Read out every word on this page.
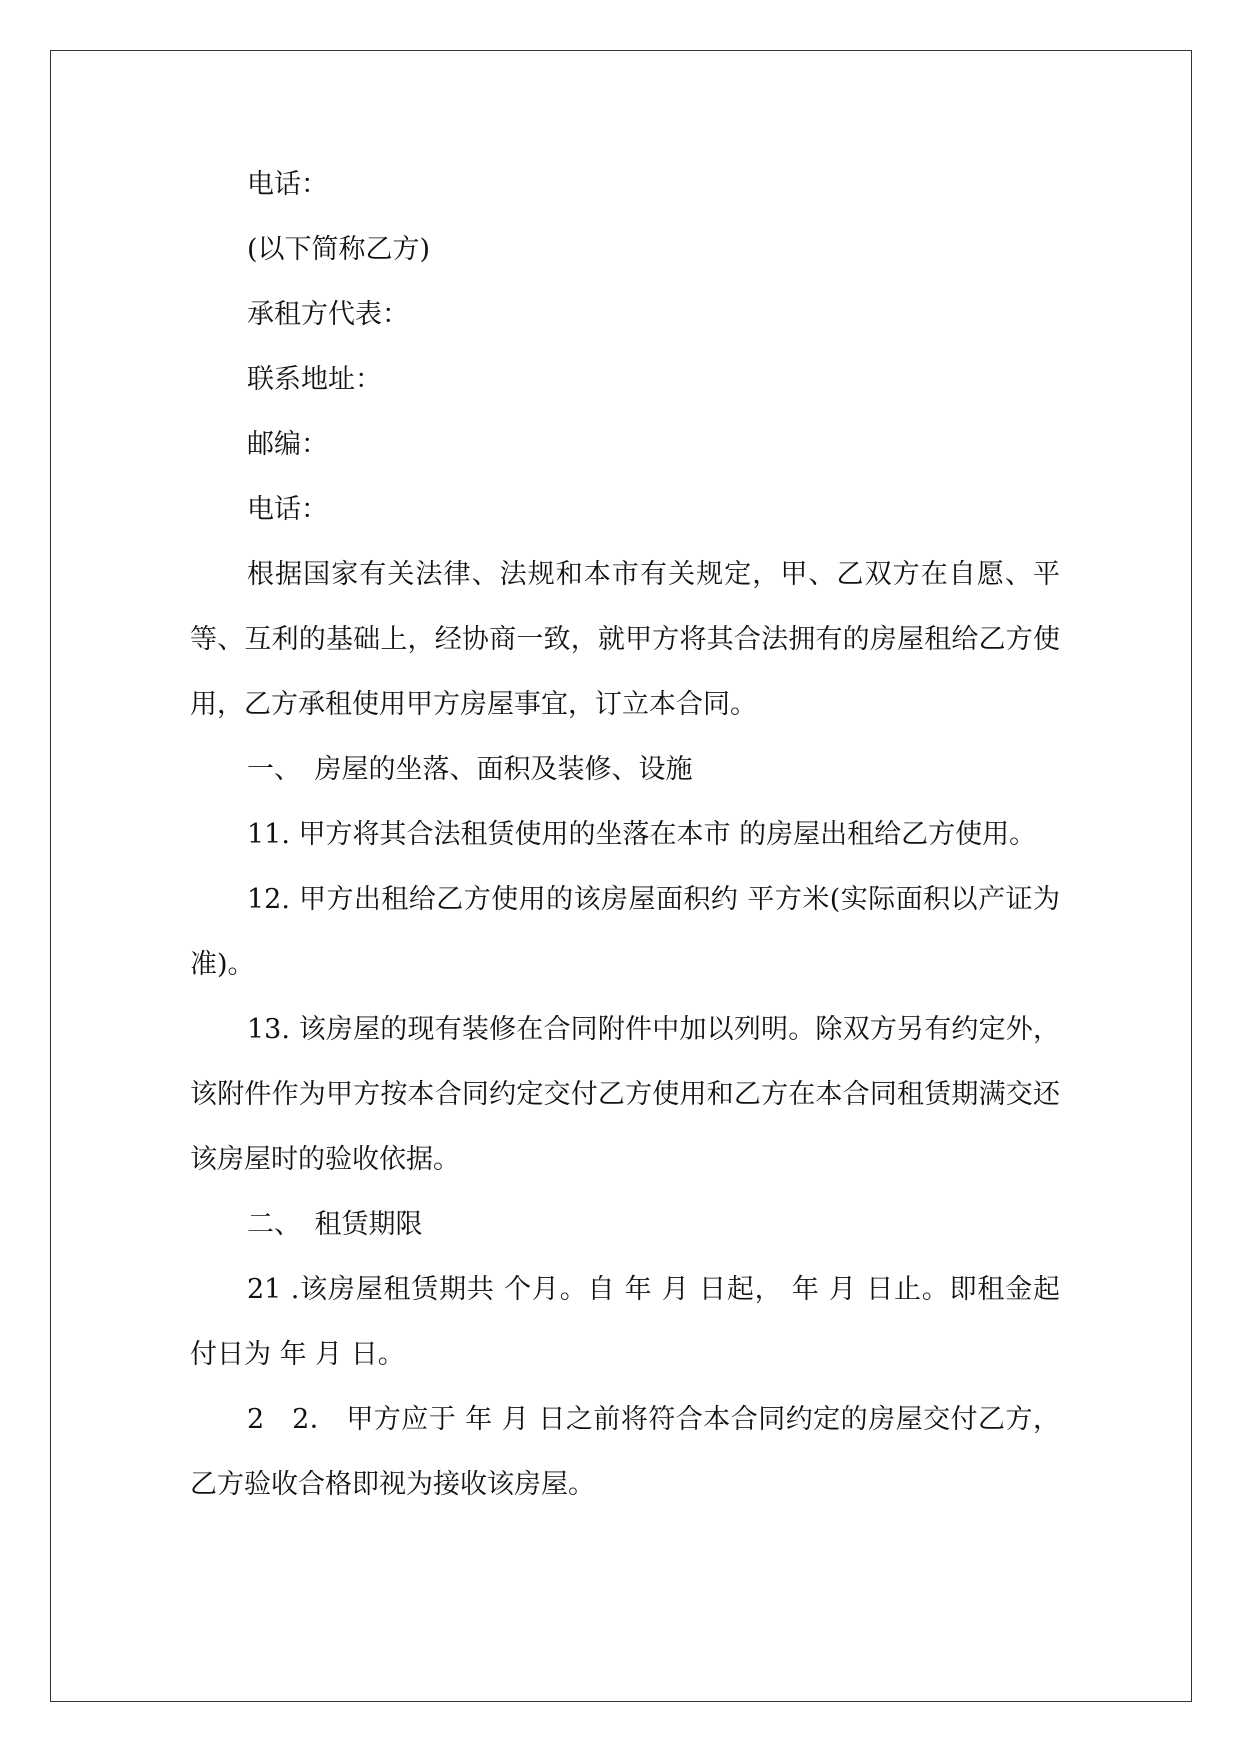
电话：

(以下简称乙方)

承租方代表：

联系地址：

邮编：

电话：

根据国家有关法律、法规和本市有关规定，甲、乙双方在自愿、平等、互利的基础上，经协商一致，就甲方将其合法拥有的房屋租给乙方使用，乙方承租使用甲方房屋事宜，订立本合同。

一、　房屋的坐落、面积及装修、设施

11. 甲方将其合法租赁使用的坐落在本市 的房屋出租给乙方使用。

12. 甲方出租给乙方使用的该房屋面积约 平方米(实际面积以产证为准)。

13. 该房屋的现有装修在合同附件中加以列明。除双方另有约定外，该附件作为甲方按本合同约定交付乙方使用和乙方在本合同租赁期满交还该房屋时的验收依据。

二、　租赁期限

21 .该房屋租赁期共 个月。自 年 月 日起， 年 月 日止。即租金起付日为 年 月 日。

2　2． 甲方应于 年 月 日之前将符合本合同约定的房屋交付乙方，乙方验收合格即视为接收该房屋。
